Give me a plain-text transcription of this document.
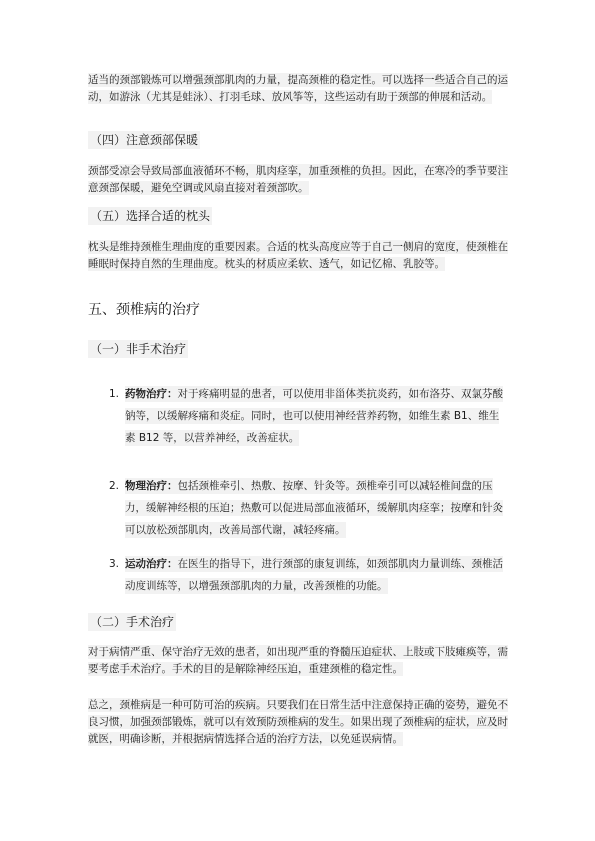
适当的颈部锻炼可以增强颈部肌肉的力量，提高颈椎的稳定性。可以选择一些适合自己的运动，如游泳（尤其是蛙泳）、打羽毛球、放风筝等，这些运动有助于颈部的伸展和活动。

（四）注意颈部保暖

颈部受凉会导致局部血液循环不畅，肌肉痉挛，加重颈椎的负担。因此，在寒冷的季节要注意颈部保暖，避免空调或风扇直接对着颈部吹。

（五）选择合适的枕头

枕头是维持颈椎生理曲度的重要因素。合适的枕头高度应等于自己一侧肩的宽度，使颈椎在睡眠时保持自然的生理曲度。枕头的材质应柔软、透气，如记忆棉、乳胶等。

五、颈椎病的治疗

（一）非手术治疗

1. 药物治疗：对于疼痛明显的患者，可以使用非甾体类抗炎药，如布洛芬、双氯芬酸钠等，以缓解疼痛和炎症。同时，也可以使用神经营养药物，如维生素 B1、维生素 B12 等，以营养神经，改善症状。
2. 物理治疗：包括颈椎牵引、热敷、按摩、针灸等。颈椎牵引可以减轻椎间盘的压力，缓解神经根的压迫；热敷可以促进局部血液循环，缓解肌肉痉挛；按摩和针灸可以放松颈部肌肉，改善局部代谢，减轻疼痛。
3. 运动治疗：在医生的指导下，进行颈部的康复训练，如颈部肌肉力量训练、颈椎活动度训练等，以增强颈部肌肉的力量，改善颈椎的功能。

（二）手术治疗

对于病情严重、保守治疗无效的患者，如出现严重的脊髓压迫症状、上肢或下肢瘫痪等，需要考虑手术治疗。手术的目的是解除神经压迫，重建颈椎的稳定性。

总之，颈椎病是一种可防可治的疾病。只要我们在日常生活中注意保持正确的姿势，避免不良习惯，加强颈部锻炼，就可以有效预防颈椎病的发生。如果出现了颈椎病的症状，应及时就医，明确诊断，并根据病情选择合适的治疗方法，以免延误病情。
